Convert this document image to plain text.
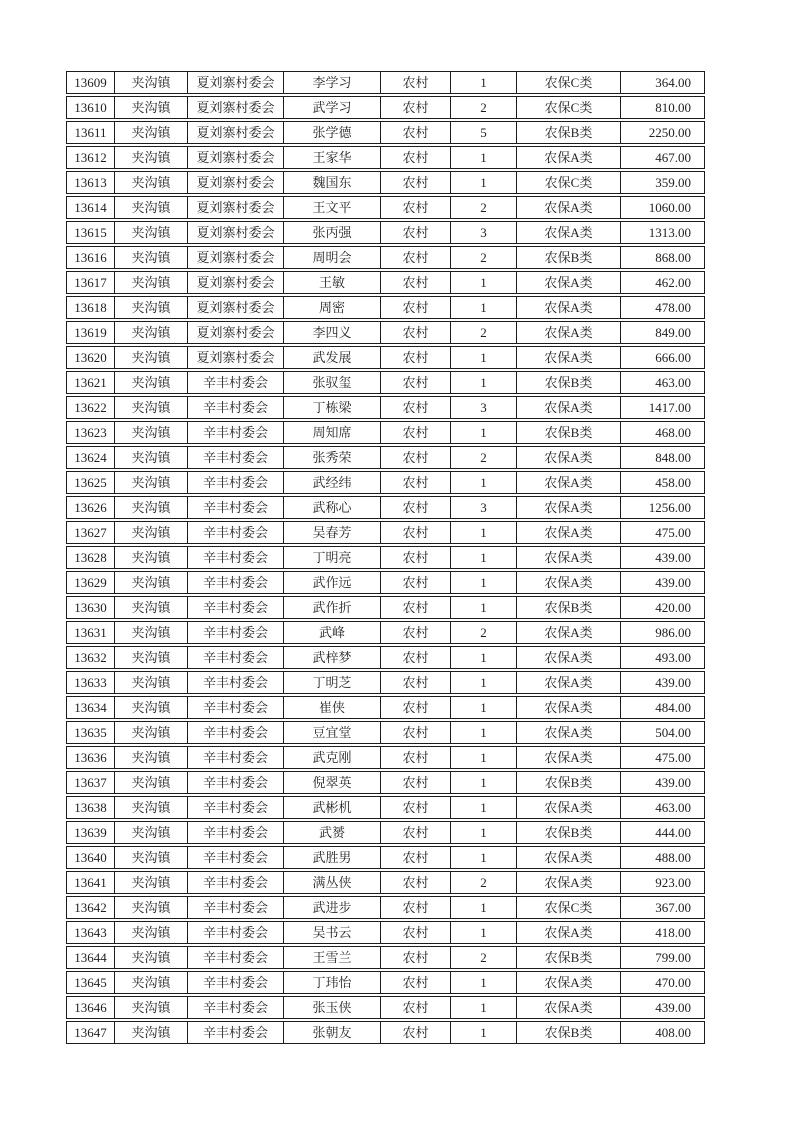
13609	夹沟镇	夏刘寨村委会	李学习	农村	1	农保C类	364.00
13610	夹沟镇	夏刘寨村委会	武学习	农村	2	农保C类	810.00
13611	夹沟镇	夏刘寨村委会	张学德	农村	5	农保B类	2250.00
13612	夹沟镇	夏刘寨村委会	王家华	农村	1	农保A类	467.00
13613	夹沟镇	夏刘寨村委会	魏国东	农村	1	农保C类	359.00
13614	夹沟镇	夏刘寨村委会	王文平	农村	2	农保A类	1060.00
13615	夹沟镇	夏刘寨村委会	张丙强	农村	3	农保A类	1313.00
13616	夹沟镇	夏刘寨村委会	周明会	农村	2	农保B类	868.00
13617	夹沟镇	夏刘寨村委会	王敏	农村	1	农保A类	462.00
13618	夹沟镇	夏刘寨村委会	周密	农村	1	农保A类	478.00
13619	夹沟镇	夏刘寨村委会	李四义	农村	2	农保A类	849.00
13620	夹沟镇	夏刘寨村委会	武发展	农村	1	农保A类	666.00
13621	夹沟镇	辛丰村委会	张驭玺	农村	1	农保B类	463.00
13622	夹沟镇	辛丰村委会	丁栋梁	农村	3	农保A类	1417.00
13623	夹沟镇	辛丰村委会	周知席	农村	1	农保B类	468.00
13624	夹沟镇	辛丰村委会	张秀荣	农村	2	农保A类	848.00
13625	夹沟镇	辛丰村委会	武经纬	农村	1	农保A类	458.00
13626	夹沟镇	辛丰村委会	武称心	农村	3	农保A类	1256.00
13627	夹沟镇	辛丰村委会	吴春芳	农村	1	农保A类	475.00
13628	夹沟镇	辛丰村委会	丁明亮	农村	1	农保A类	439.00
13629	夹沟镇	辛丰村委会	武作远	农村	1	农保A类	439.00
13630	夹沟镇	辛丰村委会	武作折	农村	1	农保B类	420.00
13631	夹沟镇	辛丰村委会	武峰	农村	2	农保A类	986.00
13632	夹沟镇	辛丰村委会	武梓梦	农村	1	农保A类	493.00
13633	夹沟镇	辛丰村委会	丁明芝	农村	1	农保A类	439.00
13634	夹沟镇	辛丰村委会	崔侠	农村	1	农保A类	484.00
13635	夹沟镇	辛丰村委会	豆宜堂	农村	1	农保A类	504.00
13636	夹沟镇	辛丰村委会	武克刚	农村	1	农保A类	475.00
13637	夹沟镇	辛丰村委会	倪翠英	农村	1	农保B类	439.00
13638	夹沟镇	辛丰村委会	武彬机	农村	1	农保A类	463.00
13639	夹沟镇	辛丰村委会	武赟	农村	1	农保B类	444.00
13640	夹沟镇	辛丰村委会	武胜男	农村	1	农保A类	488.00
13641	夹沟镇	辛丰村委会	满丛侠	农村	2	农保A类	923.00
13642	夹沟镇	辛丰村委会	武进步	农村	1	农保C类	367.00
13643	夹沟镇	辛丰村委会	吴书云	农村	1	农保A类	418.00
13644	夹沟镇	辛丰村委会	王雪兰	农村	2	农保B类	799.00
13645	夹沟镇	辛丰村委会	丁玮怡	农村	1	农保A类	470.00
13646	夹沟镇	辛丰村委会	张玉侠	农村	1	农保A类	439.00
13647	夹沟镇	辛丰村委会	张朝友	农村	1	农保B类	408.00
